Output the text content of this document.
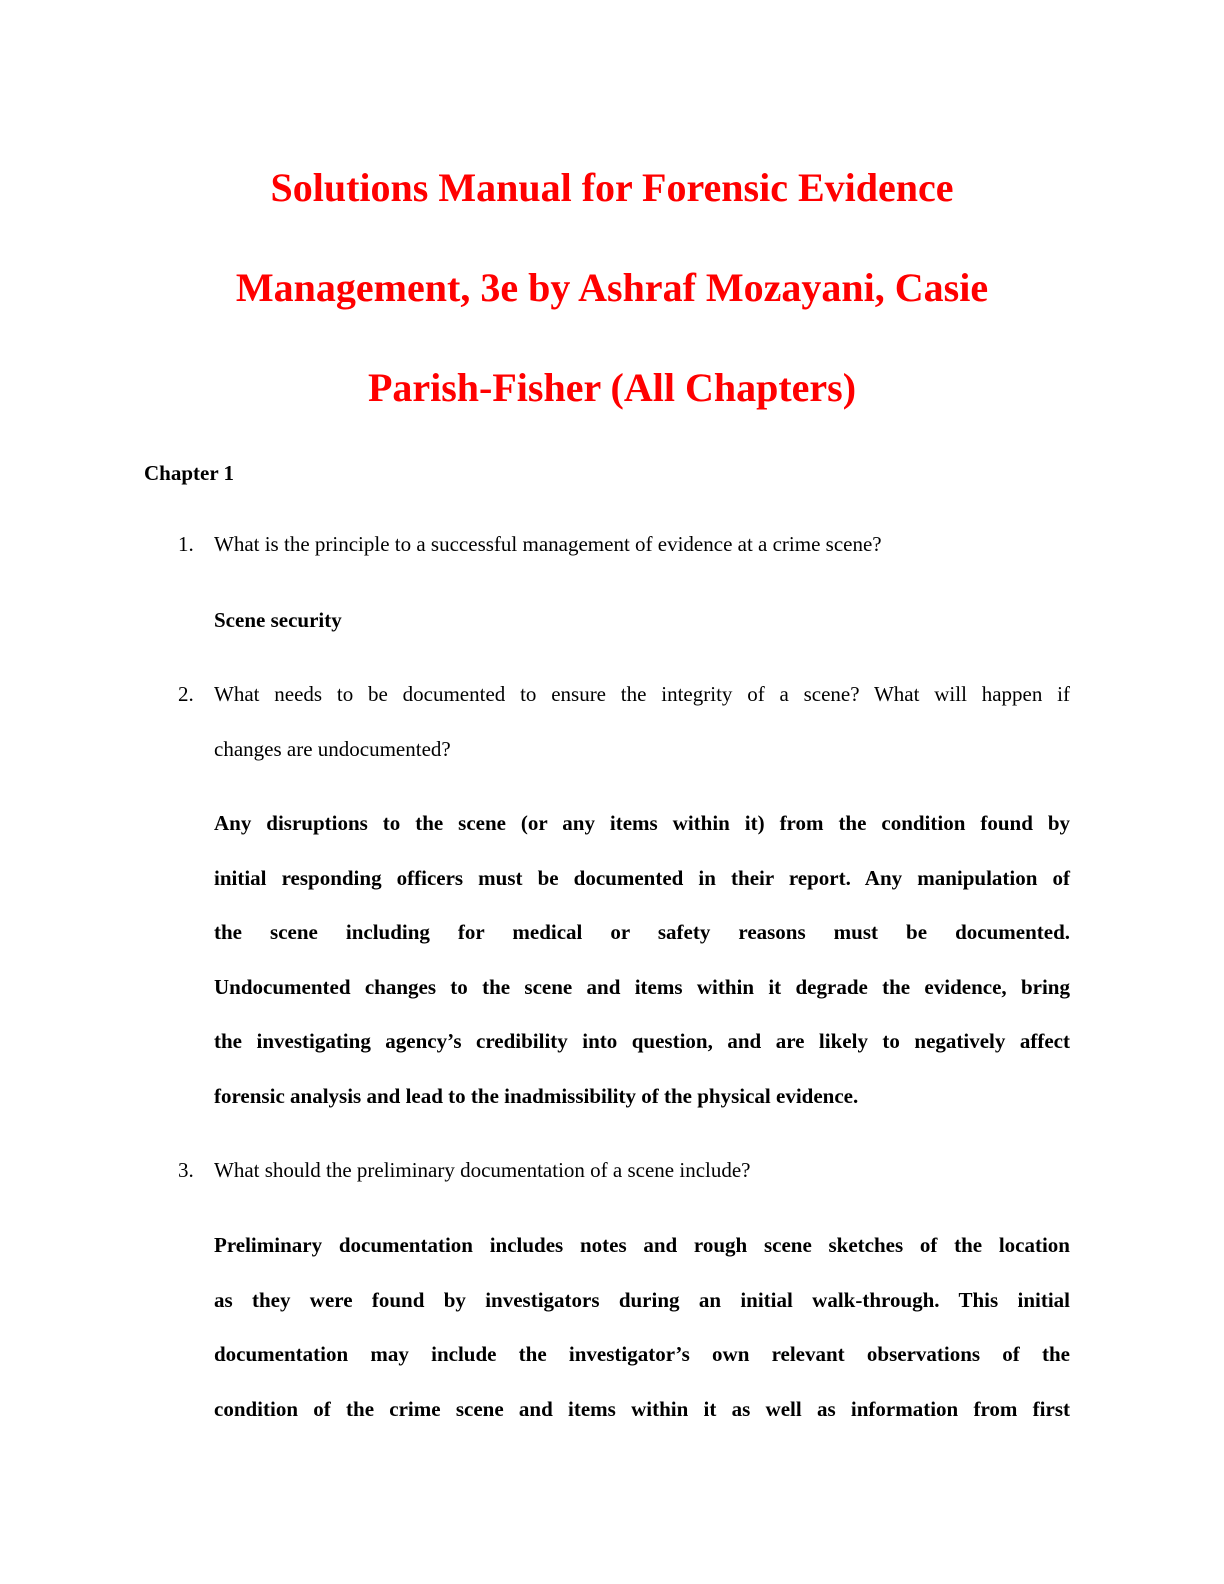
Solutions Manual for Forensic Evidence
Management, 3e by Ashraf Mozayani, Casie
Parish-Fisher (All Chapters)
Chapter 1
1. What is the principle to a successful management of evidence at a crime scene?

Scene security

2. What needs to be documented to ensure the integrity of a scene? What will happen if
changes are undocumented?

Any disruptions to the scene (or any items within it) from the condition found by
initial responding officers must be documented in their report. Any manipulation of
the scene including for medical or safety reasons must be documented.
Undocumented changes to the scene and items within it degrade the evidence, bring
the investigating agency’s credibility into question, and are likely to negatively affect
forensic analysis and lead to the inadmissibility of the physical evidence.

3. What should the preliminary documentation of a scene include?

Preliminary documentation includes notes and rough scene sketches of the location
as they were found by investigators during an initial walk-through. This initial
documentation may include the investigator’s own relevant observations of the
condition of the crime scene and items within it as well as information from first
